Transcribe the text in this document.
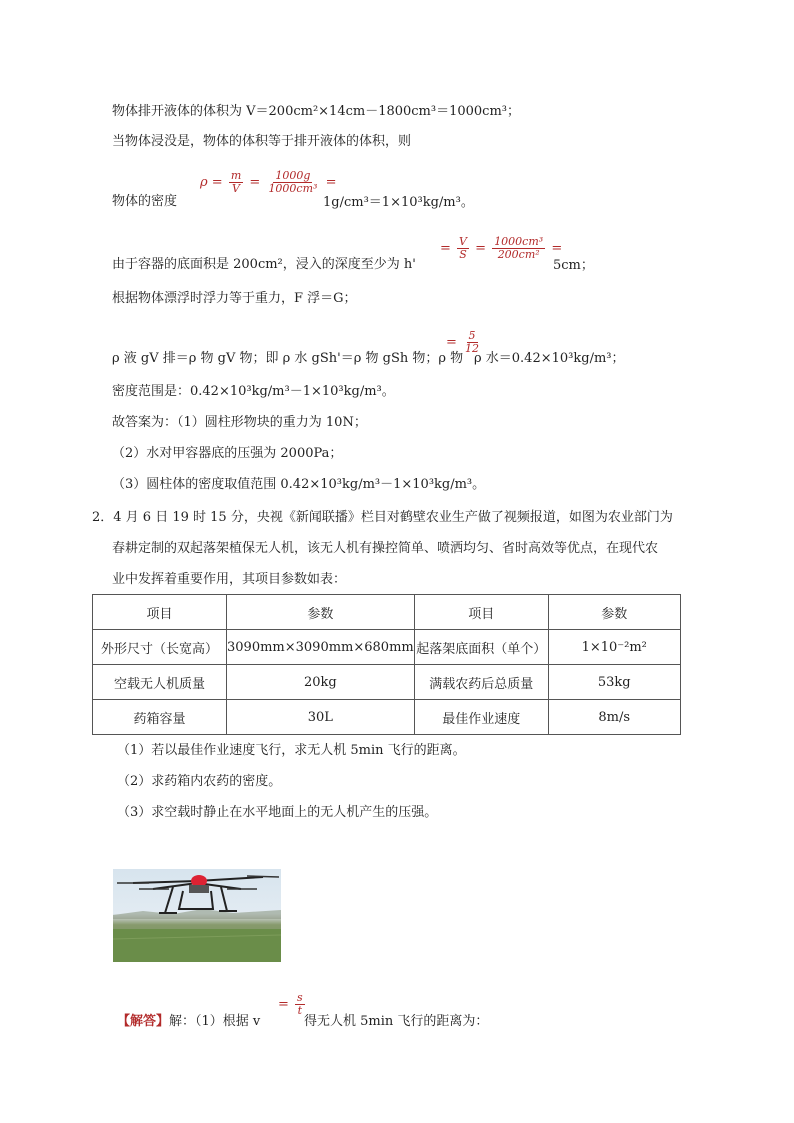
物体排开液体的体积为 V＝200cm²×14cm－1800cm³＝1000cm³；
当物体浸没是，物体的体积等于排开液体的体积，则
物体的密度
$\rho = \frac{m}{V} = \frac{1000g}{\text{1000cm³}}$ =
1g/cm³＝1×10³kg/m³。
由于容器的底面积是 200cm²，浸入的深度至少为 h'
= $\frac{V}{S} = \frac{\text{1000cm³}}{\text{200cm²}}$ =
5cm；
根据物体漂浮时浮力等于重力，F 浮＝G；
ρ 液 gV 排＝ρ 物 gV 物；即 ρ 水 gSh'＝ρ 物 gSh 物；ρ 物
= $\frac{5}{12}$
ρ 水＝0.42×10³kg/m³；
密度范围是：0.42×10³kg/m³－1×10³kg/m³。
故答案为：（1）圆柱形物块的重力为 10N；
（2）水对甲容器底的压强为 2000Pa；
（3）圆柱体的密度取值范围 0.42×10³kg/m³－1×10³kg/m³。
2．4 月 6 日 19 时 15 分，央视《新闻联播》栏目对鹤壁农业生产做了视频报道，如图为农业部门为
春耕定制的双起落架植保无人机，该无人机有操控简单、喷洒均匀、省时高效等优点，在现代农
业中发挥着重要作用，其项目参数如表：
项目	参数	项目	参数
外形尺寸（长宽高）	3090mm×3090mm×680mm	起落架底面积（单个）	1×10⁻²m²
空载无人机质量	20kg	满载农药后总质量	53kg
药箱容量	30L	最佳作业速度	8m/s
（1）若以最佳作业速度飞行，求无人机 5min 飞行的距离。
（2）求药箱内农药的密度。
（3）求空载时静止在水平地面上的无人机产生的压强。
【解答】解：（1）根据 v
= $\frac{s}{t}$
得无人机 5min 飞行的距离为：
